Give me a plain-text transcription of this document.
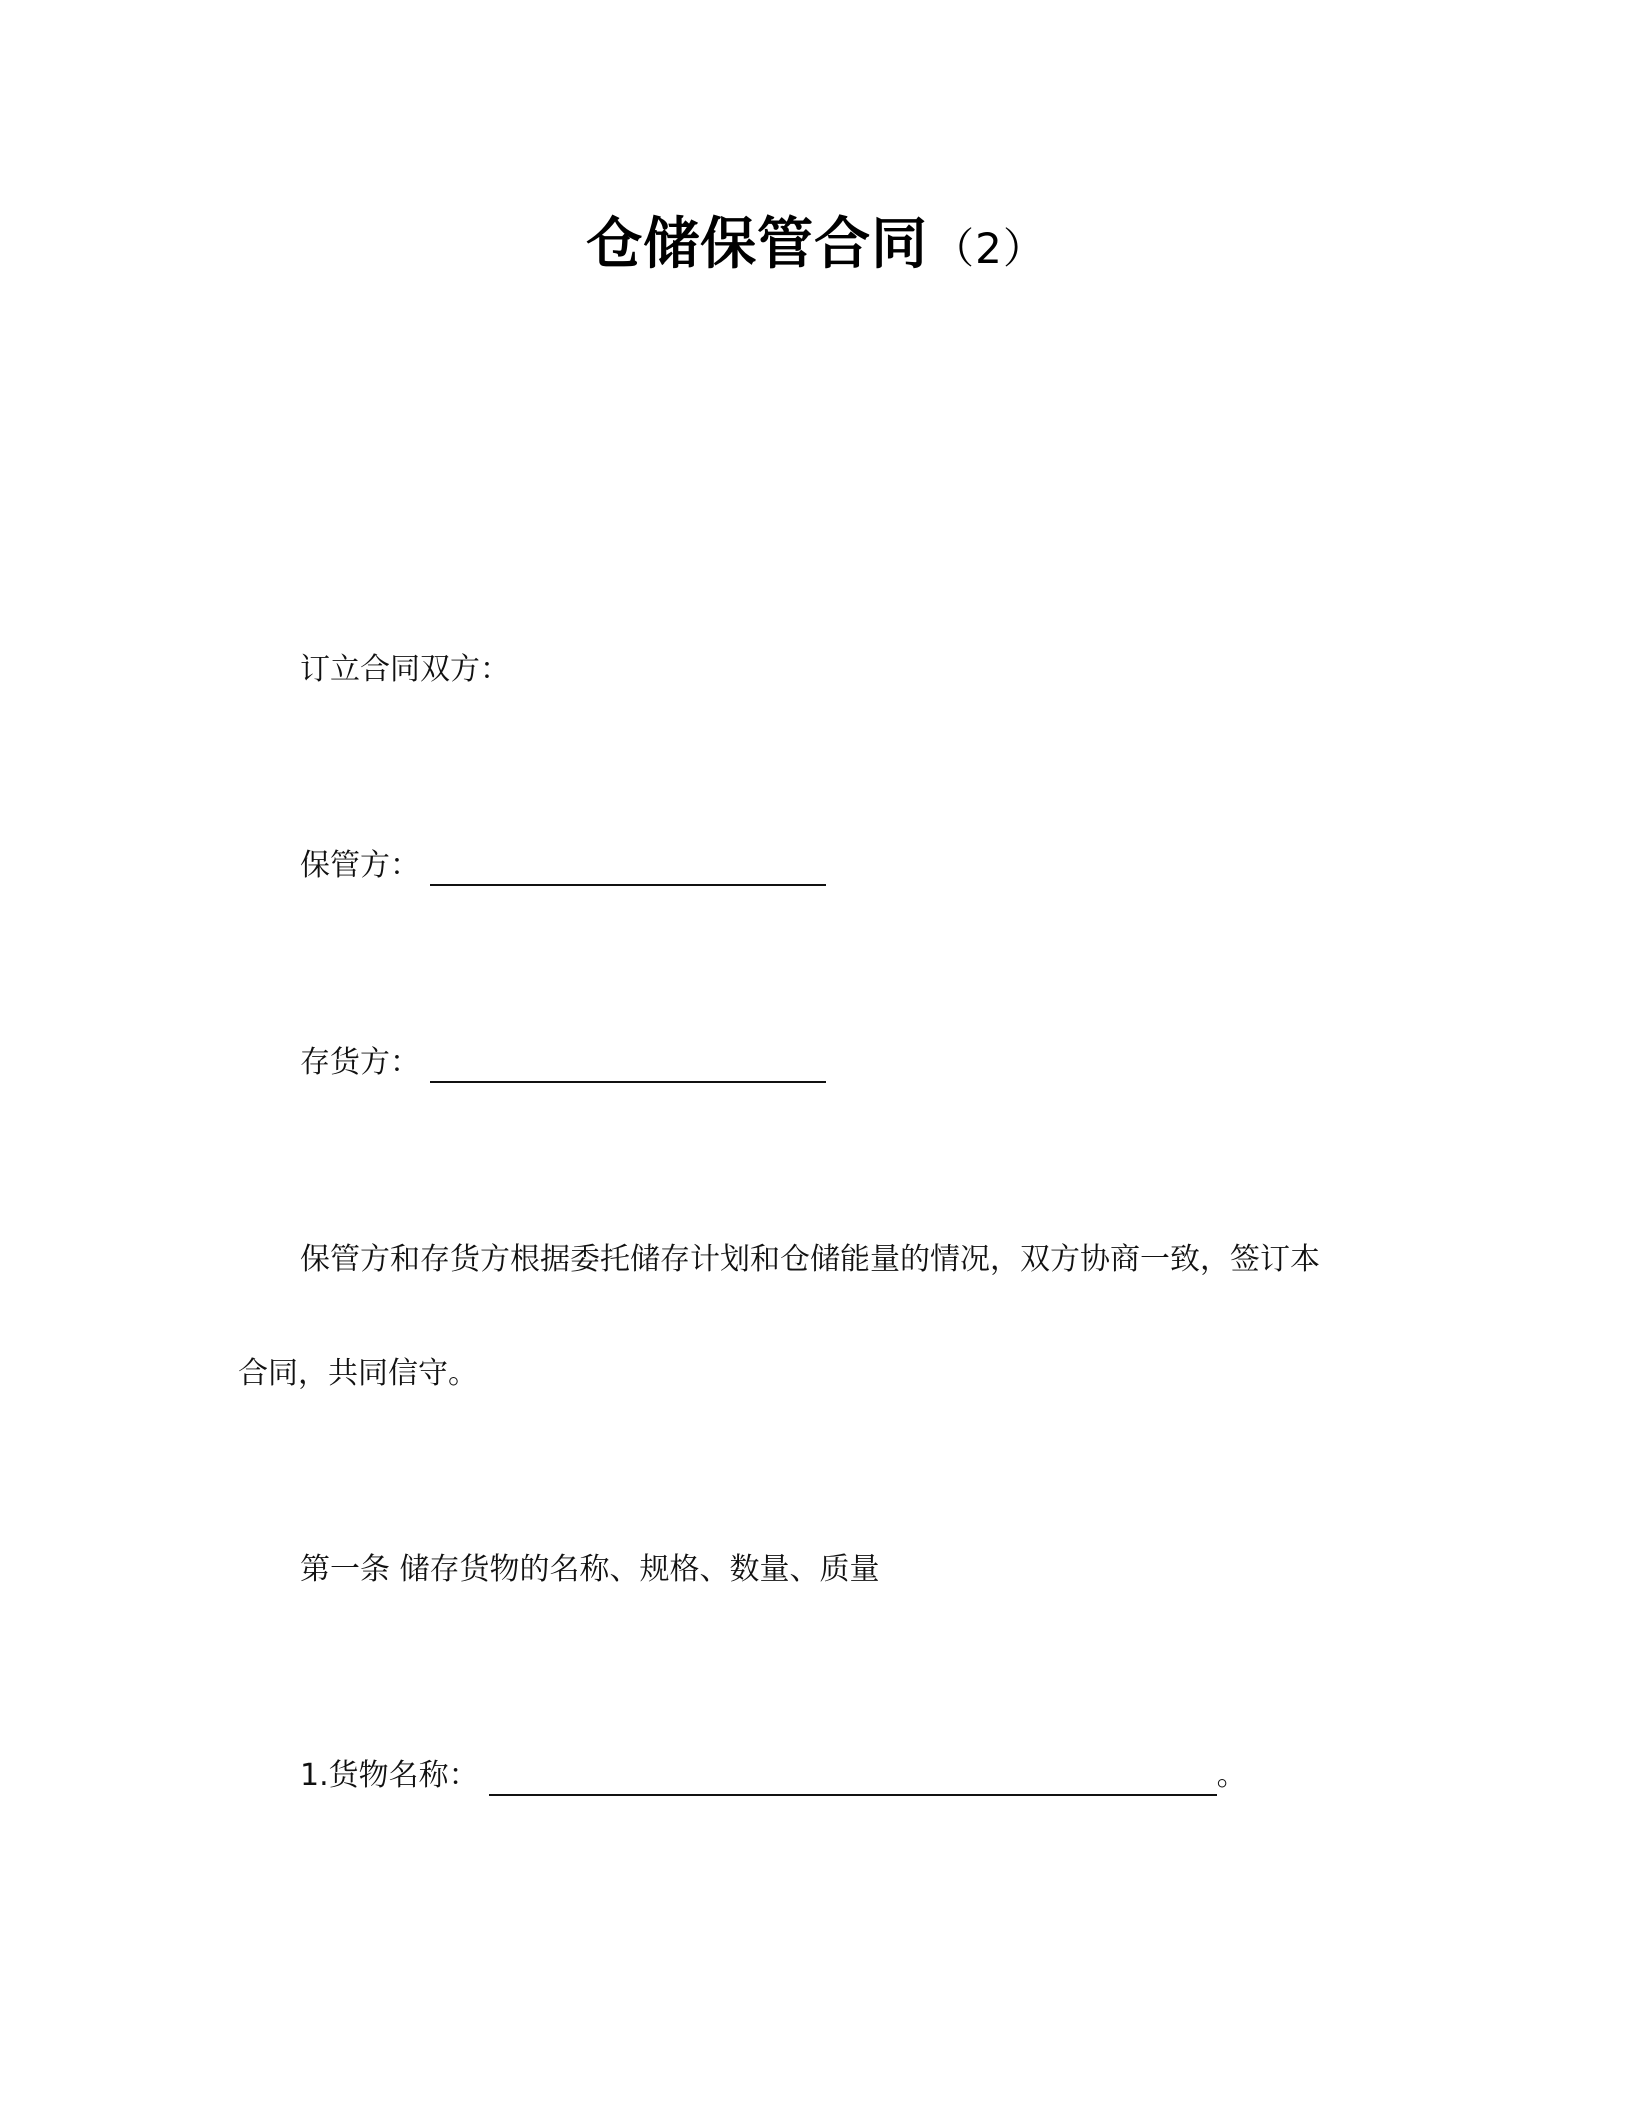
仓储保管合同（2）
订立合同双方：
保管方：
存货方：
保管方和存货方根据委托储存计划和仓储能量的情况，双方协商一致，签订本
合同，共同信守。
第一条 储存货物的名称、规格、数量、质量
1.货物名称：	。
